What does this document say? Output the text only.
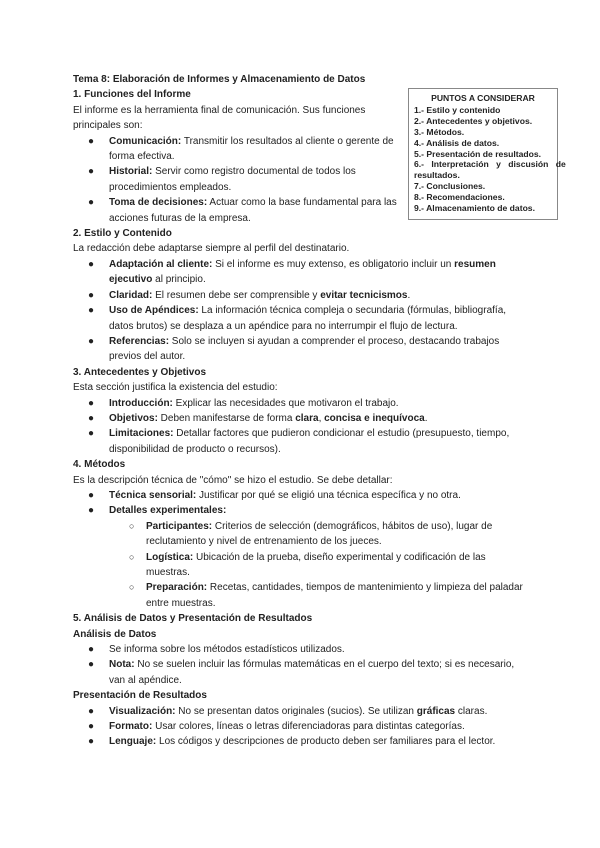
Tema 8: Elaboración de Informes y Almacenamiento de Datos
1. Funciones del Informe
El informe es la herramienta final de comunicación. Sus funciones
principales son:
● Comunicación: Transmitir los resultados al cliente o gerente de
forma efectiva.
● Historial: Servir como registro documental de todos los
procedimientos empleados.
● Toma de decisiones: Actuar como la base fundamental para las
acciones futuras de la empresa.
2. Estilo y Contenido
La redacción debe adaptarse siempre al perfil del destinatario.
● Adaptación al cliente: Si el informe es muy extenso, es obligatorio incluir un resumen
ejecutivo al principio.
● Claridad: El resumen debe ser comprensible y evitar tecnicismos.
● Uso de Apéndices: La información técnica compleja o secundaria (fórmulas, bibliografía,
datos brutos) se desplaza a un apéndice para no interrumpir el flujo de lectura.
● Referencias: Solo se incluyen si ayudan a comprender el proceso, destacando trabajos
previos del autor.
3. Antecedentes y Objetivos
Esta sección justifica la existencia del estudio:
● Introducción: Explicar las necesidades que motivaron el trabajo.
● Objetivos: Deben manifestarse de forma clara, concisa e inequívoca.
● Limitaciones: Detallar factores que pudieron condicionar el estudio (presupuesto, tiempo,
disponibilidad de producto o recursos).
4. Métodos
Es la descripción técnica de "cómo" se hizo el estudio. Se debe detallar:
● Técnica sensorial: Justificar por qué se eligió una técnica específica y no otra.
● Detalles experimentales:
○ Participantes: Criterios de selección (demográficos, hábitos de uso), lugar de
reclutamiento y nivel de entrenamiento de los jueces.
○ Logística: Ubicación de la prueba, diseño experimental y codificación de las
muestras.
○ Preparación: Recetas, cantidades, tiempos de mantenimiento y limpieza del paladar
entre muestras.
5. Análisis de Datos y Presentación de Resultados
Análisis de Datos
● Se informa sobre los métodos estadísticos utilizados.
● Nota: No se suelen incluir las fórmulas matemáticas en el cuerpo del texto; si es necesario,
van al apéndice.
Presentación de Resultados
● Visualización: No se presentan datos originales (sucios). Se utilizan gráficas claras.
● Formato: Usar colores, líneas o letras diferenciadoras para distintas categorías.
● Lenguaje: Los códigos y descripciones de producto deben ser familiares para el lector.
PUNTOS A CONSIDERAR
1.- Estilo y contenido
2.- Antecedentes y objetivos.
3.- Métodos.
4.- Análisis de datos.
5.- Presentación de resultados.
6.- Interpretación y discusión de
resultados.
7.- Conclusiones.
8.- Recomendaciones.
9.- Almacenamiento de datos.
